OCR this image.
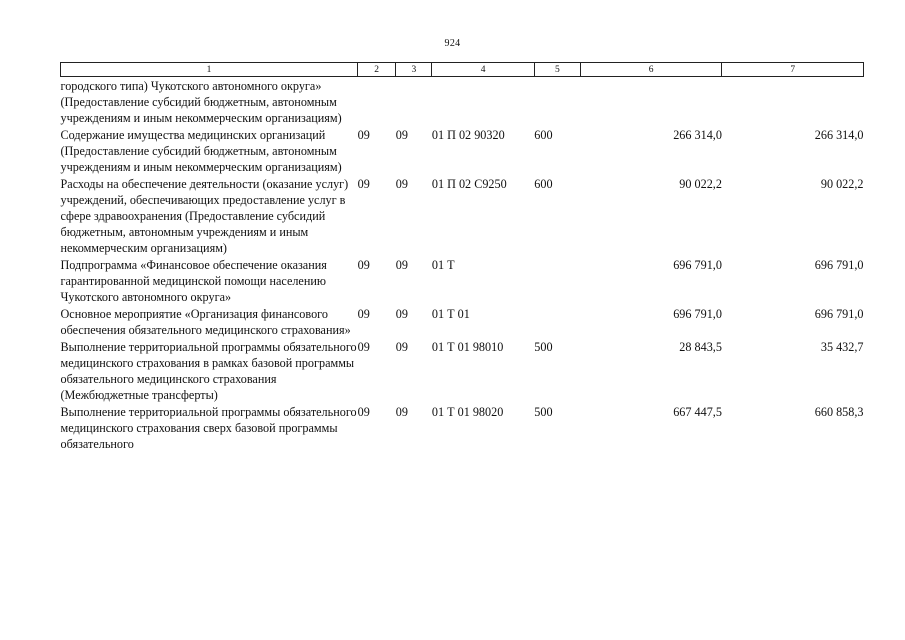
924
1	2	3	4	5	6	7
городского типа) Чукотского автономного округа» (Предоставление субсидий бюджетным, автономным учреждениям и иным некоммерческим организациям)						
Содержание имущества медицинских организаций (Предоставление субсидий бюджетным, автономным учреждениям и иным некоммерческим организациям)	09	09	01 П 02 90320	600	266 314,0	266 314,0
Расходы на обеспечение деятельности (оказание услуг) учреждений, обеспечивающих предоставление услуг в сфере здравоохранения (Предоставление субсидий бюджетным, автономным учреждениям и иным некоммерческим организациям)	09	09	01 П 02 С9250	600	90 022,2	90 022,2
Подпрограмма «Финансовое обеспечение оказания гарантированной медицинской помощи населению Чукотского автономного округа»	09	09	01 Т		696 791,0	696 791,0
Основное мероприятие «Организация финансового обеспечения обязательного медицинского страхования»	09	09	01 Т 01		696 791,0	696 791,0
Выполнение территориальной программы обязательного медицинского страхования в рамках базовой программы обязательного медицинского страхования (Межбюджетные трансферты)	09	09	01 Т 01 98010	500	28 843,5	35 432,7
Выполнение территориальной программы обязательного медицинского страхования сверх базовой программы обязательного	09	09	01 Т 01 98020	500	667 447,5	660 858,3
